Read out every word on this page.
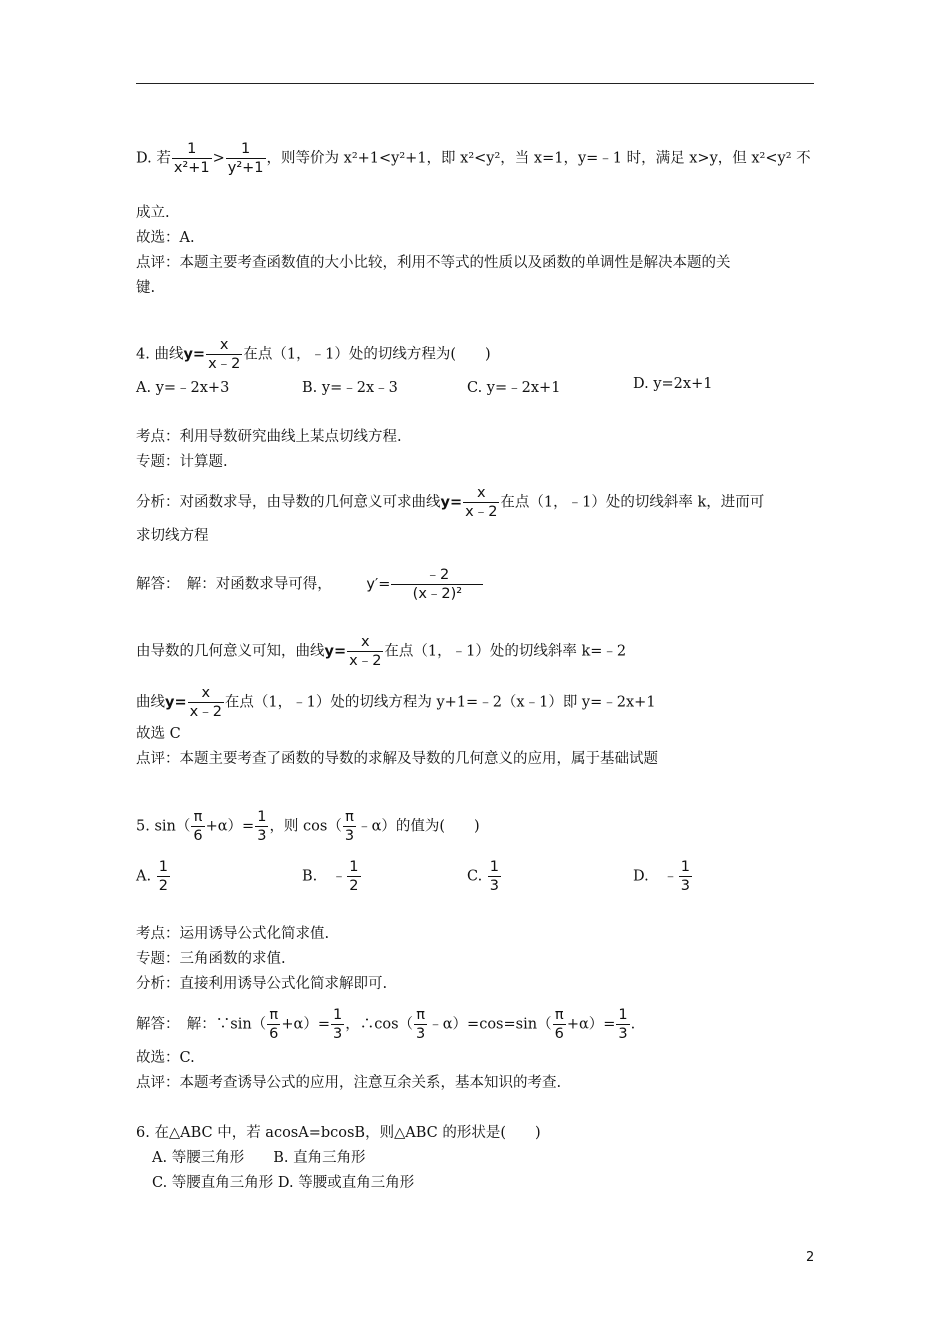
D. 若 $\frac{1}{\text{x²+1}} > \frac{1}{\text{y²+1}}$ ，则等价为 x²+1<y²+1，即 x²<y²，当 x=1，y=﹣1 时，满足 x>y，但 x²<y² 不
成立.
故选：A.
点评：本题主要考查函数值的大小比较，利用不等式的性质以及函数的单调性是解决本题的关
键.
4. 曲线$y= \frac{x}{x﹣2}$ 在点（1，﹣1）处的切线方程为(　　)
A. y=﹣2x+3	B. y=﹣2x﹣3	C. y=﹣2x+1	D. y=2x+1
考点：利用导数研究曲线上某点切线方程.
专题：计算题.
分析：对函数求导，由导数的几何意义可求曲线$y= \frac{x}{x﹣2}$ 在点（1，﹣1）处的切线斜率 k，进而可
求切线方程
解答：　解：对函数求导可得， $y'= \frac{﹣2}{\text{(x﹣2)²}}$
由导数的几何意义可知，曲线$y= \frac{x}{x﹣2}$ 在点（1，﹣1）处的切线斜率 k=﹣2
曲线$y= \frac{x}{x﹣2}$ 在点（1，﹣1）处的切线方程为 y+1=﹣2（x﹣1）即 y=﹣2x+1
故选 C
点评：本题主要考查了函数的导数的求解及导数的几何意义的应用，属于基础试题
5. $\sin( \frac{\pi}{6} +\alpha)= \frac{1}{3}$ ，则 $\cos( \frac{\pi}{3}$ ﹣α）的值为(　　)
A. $\frac{1}{2}$	B.　﹣ $\frac{1}{2}$	C. $\frac{1}{3}$	D.　﹣ $\frac{1}{3}$
考点：运用诱导公式化简求值.
专题：三角函数的求值.
分析：直接利用诱导公式化简求解即可.
解答：　解：∵sin（ $\frac{\pi}{6} +\alpha)= \frac{1}{3}$ ，∴cos（ $\frac{\pi}{3}$ ﹣α）=cos=sin（ $\frac{\pi}{6} +\alpha)= \frac{1}{3}$ .
故选：C.
点评：本题考查诱导公式的应用，注意互余关系，基本知识的考查.
6. 在△ABC 中，若 acosA=bcosB，则△ABC 的形状是(　　)
A. 等腰三角形　　B. 直角三角形
C. 等腰直角三角形 D. 等腰或直角三角形
2
